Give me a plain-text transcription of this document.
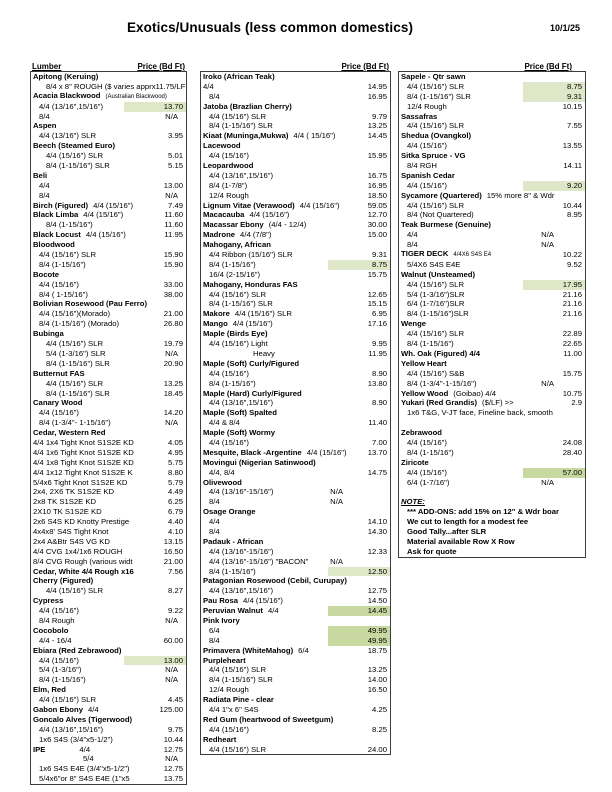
Exotics/Unusuals (less common domestics)	10/1/25
Lumber	Price (Bd Ft)
Apitong (Keruing)
8/4 x 8" ROUGH ($ varies apprx11.75/LF
Acacia Blackwood (Australian Blackwood)
4/4 (13/16",15/16")	13.70
8/4	N/A
Aspen
4/4 (13/16") SLR	3.95
Beech (Steamed Euro)
4/4 (15/16") SLR	5.01
8/4 (1-15/16") SLR	5.15
Beli
4/4	13.00
8/4	N/A
Birch (Figured) 4/4 (15/16")	7.49
Black Limba 4/4 (15/16")	11.60
8/4 (1-15/16")	11.60
Black Locust 4/4 (15/16")	11.95
Bloodwood
4/4 (15/16") SLR	15.90
8/4 (1-15/16")	15.90
Bocote
4/4 (15/16")	33.00
8/4 ( 1-15/16")	38.00
Bolivian Rosewood (Pau Ferro)
4/4 (15/16")(Morado)	21.00
8/4 (1-15/16") (Morado)	26.80
Bubinga
4/4 (15/16") SLR	19.79
5/4 (1-3/16") SLR	N/A
8/4 (1-15/16") SLR	20.90
Butternut FAS
4/4 (15/16") SLR	13.25
8/4 (1-15/16") SLR	18.45
Canary Wood
4/4 (15/16")	14.20
8/4 (1-3/4"- 1-15/16")	N/A
Cedar, Western Red
4/4 1x4 Tight Knot S1S2E KD	4.05
4/4 1x6 Tight Knot S1S2E KD	4.95
4/4 1x8 Tight Knot S1S2E KD	5.75
4/4 1x12 Tight Knot S1S2E K	8.80
5/4x6 Tight Knot S1S2E KD	5.79
2x4, 2X6 TK S1S2E KD	4.49
2x8 TK S1S2E KD	6.25
2X10 TK S1S2E KD	6.79
2x6 S4S KD Knotty Prestige	4.40
4x4x8' S4S Tight Knot	4.10
2x4 A&Btr S4S VG KD	13.15
4/4 CVG 1x4/1x6 ROUGH	16.50
8/4 CVG Rough (various widt	21.00
Cedar, White 4/4 Rough x16	7.56
Cherry (Figured)
4/4 (15/16") SLR	8.27
Cypress
4/4 (15/16")	9.22
8/4 Rough	N/A
Cocobolo
4/4 - 16/4	60.00
Ebiara (Red Zebrawood)
4/4 (15/16")	13.00
5/4 (1-3/16")	N/A
8/4 (1-15/16")	N/A
Elm, Red
4/4 (15/16") SLR	4.45
Gabon Ebony 4/4	125.00
Goncalo Alves (Tigerwood)
4/4 (13/16",15/16")	9.75
1x6 S4S (3/4"x5-1/2")	10.44
IPE	4/4	12.75
5/4	N/A
1x6 S4S E4E (3/4"x5-1/2")	12.75
5/4x6"or 8" S4S E4E (1"x5	13.75
Price (Bd Ft)
Iroko (African Teak)
4/4	14.95
8/4	16.95
Jatoba (Brazlian Cherry)
4/4 (15/16") SLR	9.79
8/4 (1-15/16") SLR	13.25
Kiaat (Muninga,Mukwa) 4/4 ( 15/16")	14.45
Lacewood
4/4 (15/16")	15.95
Leopardwood
4/4 (13/16",15/16")	16.75
8/4 (1-7/8")	16.95
12/4 Rough	18.50
Lignum Vitae (Verawood) 4/4 (15/16")	59.05
Macacauba 4/4 (15/16")	12.70
Macassar Ebony (4/4 - 12/4)	30.00
Madrone 4/4 (7/8")	15.00
Mahogany, African
4/4 Ribbon (15/16") SLR	9.31
8/4 (1-15/16")	8.75
16/4 (2-15/16")	15.75
Mahogany, Honduras FAS
4/4 (15/16") SLR	12.65
8/4 (1-15/16") SLR	15.15
Makore 4/4 (15/16") SLR	6.95
Mango 4/4 (15/16")	17.16
Maple (Birds Eye)
4/4 (15/16") Light	9.95
Heavy	11.95
Maple (Soft) Curly/Figured
4/4 (15/16")	8.90
8/4 (1-15/16")	13.80
Maple (Hard) Curly/Figured
4/4 (13/16",15/16")	8.90
Maple (Soft) Spalted
4/4 & 8/4	11.40
Maple (Soft) Wormy
4/4 (15/16")	7.00
Mesquite, Black -Argentine 4/4 (15/16")	13.70
Movingui (Nigerian Satinwood)
4/4, 8/4	14.75
Olivewood
4/4 (13/16"-15/16")	N/A
8/4	N/A
Osage Orange
4/4	14.10
8/4	14.30
Padauk - African
4/4 (13/16"-15/16")	12.33
4/4 (13/16"-15/16") "BACON"	N/A
8/4 (1-15/16")	12.50
Patagonian Rosewood (Cebil, Curupay)
4/4 (13/16",15/16")	12.75
Pau Rosa 4/4 (15/16")	14.50
Peruvian Walnut 4/4	14.45
Pink Ivory
6/4	49.95
8/4	49.95
Primavera (WhiteMahog) 6/4	18.75
Purpleheart
4/4 (15/16") SLR	13.25
8/4 (1-15/16") SLR	14.00
12/4 Rough	16.50
Radiata Pine - clear
4/4 1"x 6" S4S	4.25
Red Gum (heartwood of Sweetgum)
4/4 (15/16")	8.25
Redheart
4/4 (15/16") SLR	24.00
Price (Bd Ft)
Sapele - Qtr sawn
4/4 (15/16") SLR	8.75
8/4 (1-15/16") SLR	9.31
12/4 Rough	10.15
Sassafras
4/4 (15/16") SLR	7.55
Shedua (Ovangkol)
4/4 (15/16")	13.55
Sitka Spruce - VG
8/4 RGH	14.11
Spanish Cedar
4/4 (15/16")	9.20
Sycamore (Quartered) 15% more 8" & Wdr
4/4 (15/16") SLR	10.44
8/4 (Not Quartered)	8.95
Teak Burmese (Genuine)
4/4	N/A
8/4	N/A
TIGER DECK 4/4X6 S4S E4	10.22
5/4X6 S4S E4E	9.52
Walnut (Unsteamed)
4/4 (15/16") SLR	17.95
5/4 (1-3/16")SLR	21.16
6/4 (1-7/16")SLR	21.16
8/4 (1-15/16")SLR	21.16
Wenge
4/4 (15/16") SLR	22.89
8/4 (1-15/16")	22.65
Wh. Oak (Figured) 4/4	11.00
Yellow Heart
4/4 (15/16") S&B	15.75
8/4 (1-3/4"-1-15/16")	N/A
Yellow Wood (Goibao) 4/4	10.75
Yukari (Red Grandis) ($/LF) >>	2.9
1x6 T&G, V-JT face, Fineline back, smooth
Zebrawood
4/4 (15/16")	24.08
8/4 (1-15/16")	28.40
Ziricote
4/4 (15/16")	57.00
6/4 (1-7/16")	N/A
NOTE:
*** ADD-ONS: add 15% on 12" & Wdr boar
We cut to length for a modest fee
Good Tally...after SLR
Material available Row X Row
Ask for quote
